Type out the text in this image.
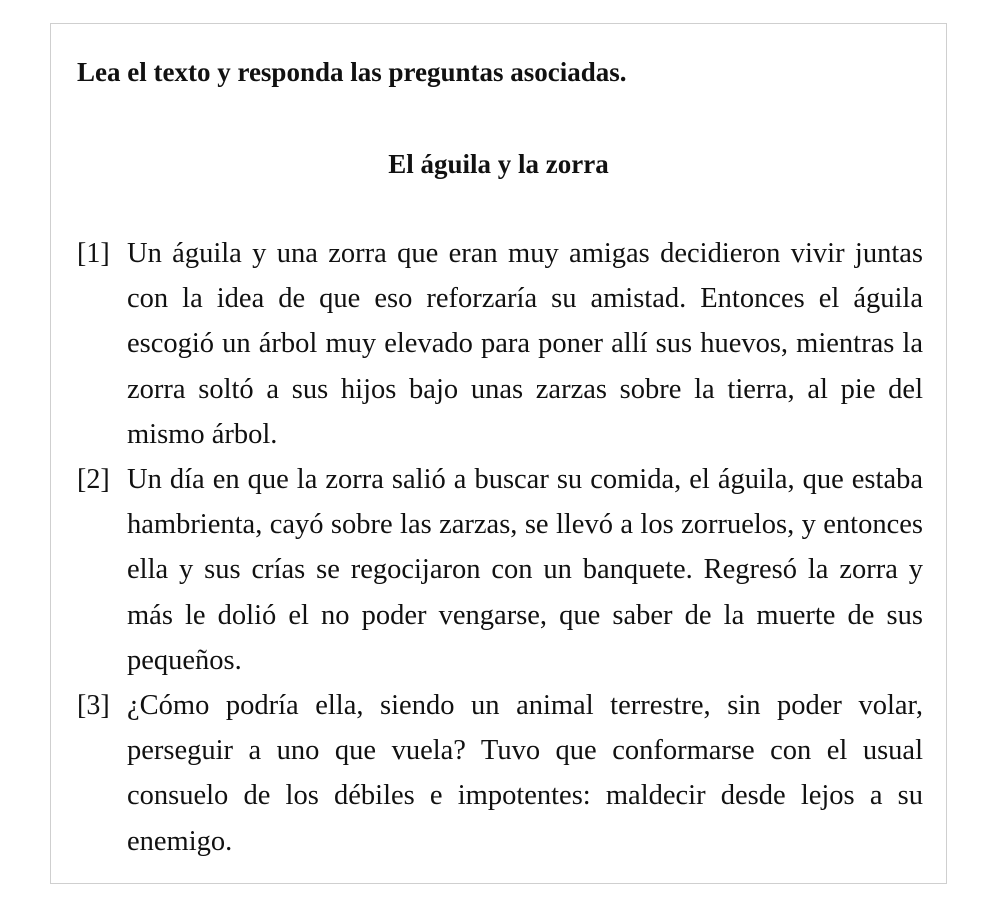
Lea el texto y responda las preguntas asociadas.

El águila y la zorra
[1] Un águila y una zorra que eran muy amigas decidieron vivir juntas con la idea de que eso reforzaría su amistad. Entonces el águila escogió un árbol muy elevado para poner allí sus huevos, mientras la zorra soltó a sus hijos bajo unas zarzas sobre la tierra, al pie del mismo árbol.
[2] Un día en que la zorra salió a buscar su comida, el águila, que estaba hambrienta, cayó sobre las zarzas, se llevó a los zorruelos, y entonces ella y sus crías se regocijaron con un banquete. Regresó la zorra y más le dolió el no poder vengarse, que saber de la muerte de sus pequeños.
[3] ¿Cómo podría ella, siendo un animal terrestre, sin poder volar, perseguir a uno que vuela? Tuvo que conformarse con el usual consuelo de los débiles e impotentes: maldecir desde lejos a su enemigo.
